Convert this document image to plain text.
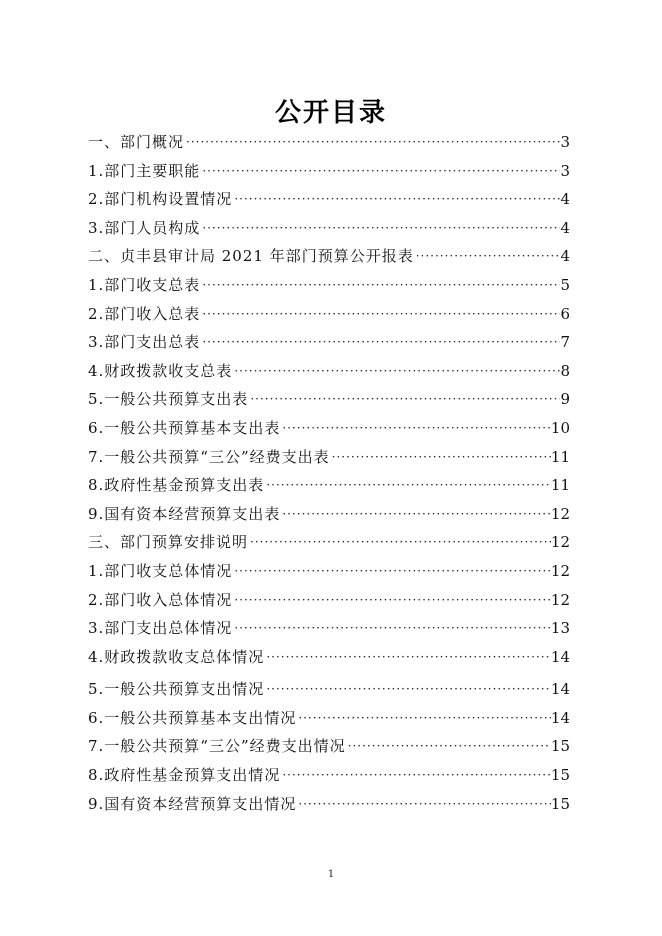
公开目录
一、部门概况 ·····	3
1.部门主要职能 ·····	3
2.部门机构设置情况 ·····	4
3.部门人员构成 ·····	4
二、贞丰县审计局 2021 年部门预算公开报表 ·····	4
1.部门收支总表 ·····	5
2.部门收入总表 ·····	6
3.部门支出总表 ·····	7
4.财政拨款收支总表 ·····	8
5.一般公共预算支出表 ·····	9
6.一般公共预算基本支出表 ·····	10
7.一般公共预算“三公”经费支出表 ·····	11
8.政府性基金预算支出表 ·····	11
9.国有资本经营预算支出表 ·····	12
三、部门预算安排说明 ·····	12
1.部门收支总体情况 ·····	12
2.部门收入总体情况 ·····	12
3.部门支出总体情况 ·····	13
4.财政拨款收支总体情况 ·····	14
5.一般公共预算支出情况 ·····	14
6.一般公共预算基本支出情况 ·····	14
7.一般公共预算“三公”经费支出情况 ·····	15
8.政府性基金预算支出情况 ·····	15
9.国有资本经营预算支出情况 ·····	15
1
